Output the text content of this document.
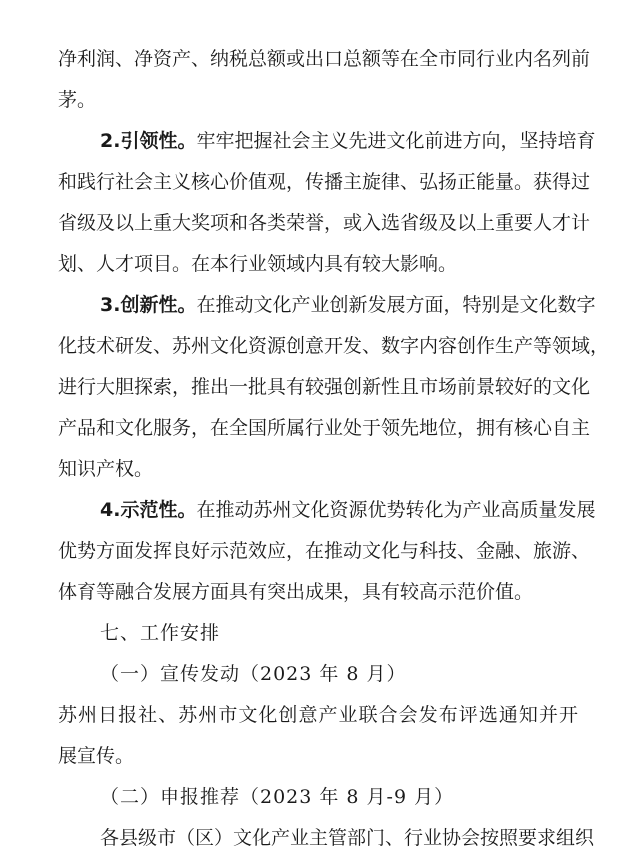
净利润、净资产、纳税总额或出口总额等在全市同行业内名列前
茅。
2.引领性。牢牢把握社会主义先进文化前进方向，坚持培育
和践行社会主义核心价值观，传播主旋律、弘扬正能量。获得过
省级及以上重大奖项和各类荣誉，或入选省级及以上重要人才计
划、人才项目。在本行业领域内具有较大影响。
3.创新性。在推动文化产业创新发展方面，特别是文化数字
化技术研发、苏州文化资源创意开发、数字内容创作生产等领域，
进行大胆探索，推出一批具有较强创新性且市场前景较好的文化
产品和文化服务，在全国所属行业处于领先地位，拥有核心自主
知识产权。
4.示范性。在推动苏州文化资源优势转化为产业高质量发展
优势方面发挥良好示范效应，在推动文化与科技、金融、旅游、
体育等融合发展方面具有突出成果，具有较高示范价值。
七、工作安排
（一）宣传发动（2023 年 8 月）
苏州日报社、苏州市文化创意产业联合会发布评选通知并开
展宣传。
（二）申报推荐（2023 年 8 月-9 月）
各县级市（区）文化产业主管部门、行业协会按照要求组织
